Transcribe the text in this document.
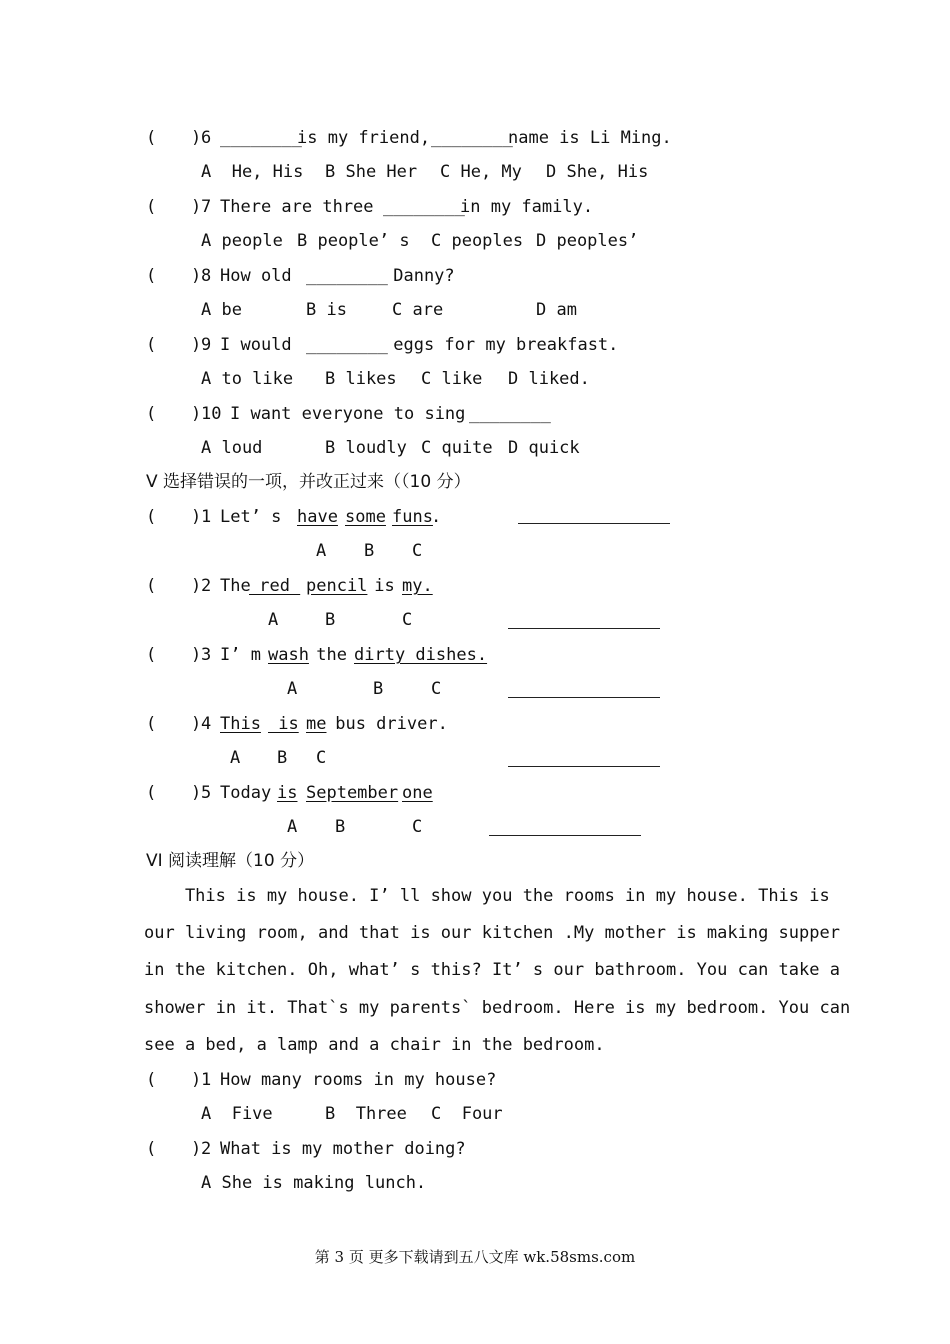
( ) 6 ________
is my friend,
________
name is Li Ming.
A  He, His B She Her C He, My D She, His
( ) 7 There are three ________
in my family.
A people B people’ s C peoples D peoples’
( ) 8 How old ________
Danny?
A be	B is	C are	D am
( ) 9 I would ________
eggs for my breakfast.
A to like B likes C like D liked.
( ) 10 I want everyone to sing
________
A loud	B loudly C quite D quick
V 选择错误的一项，并改正过来（（10 分）
( ) 1 Let’ s
have some funs
.
A B C
( ) 2 The
red pencil
is
my.
A	B	C
( ) 3 I’ m
wash
the
dirty dishes.
A	B	C
( ) 4 This is me
bus driver.
A B C
( ) 5 Today
is September one
A B	C
VI 阅读理解（10 分）
This is my house. I’ ll show you the rooms in my house. This is
our living room, and that is our kitchen .My mother is making supper
in the kitchen. Oh, what’ s this? It’ s our bathroom. You can take a
shower in it. That`s my parents` bedroom. Here is my bedroom. You can
see a bed, a lamp and a chair in the bedroom.
( ) 1 How many rooms in my house?
A  Five	B  Three C  Four
( ) 2 What is my mother doing?
A She is making lunch.
第 3 页 更多下载请到五八文库 wk.58sms.com
